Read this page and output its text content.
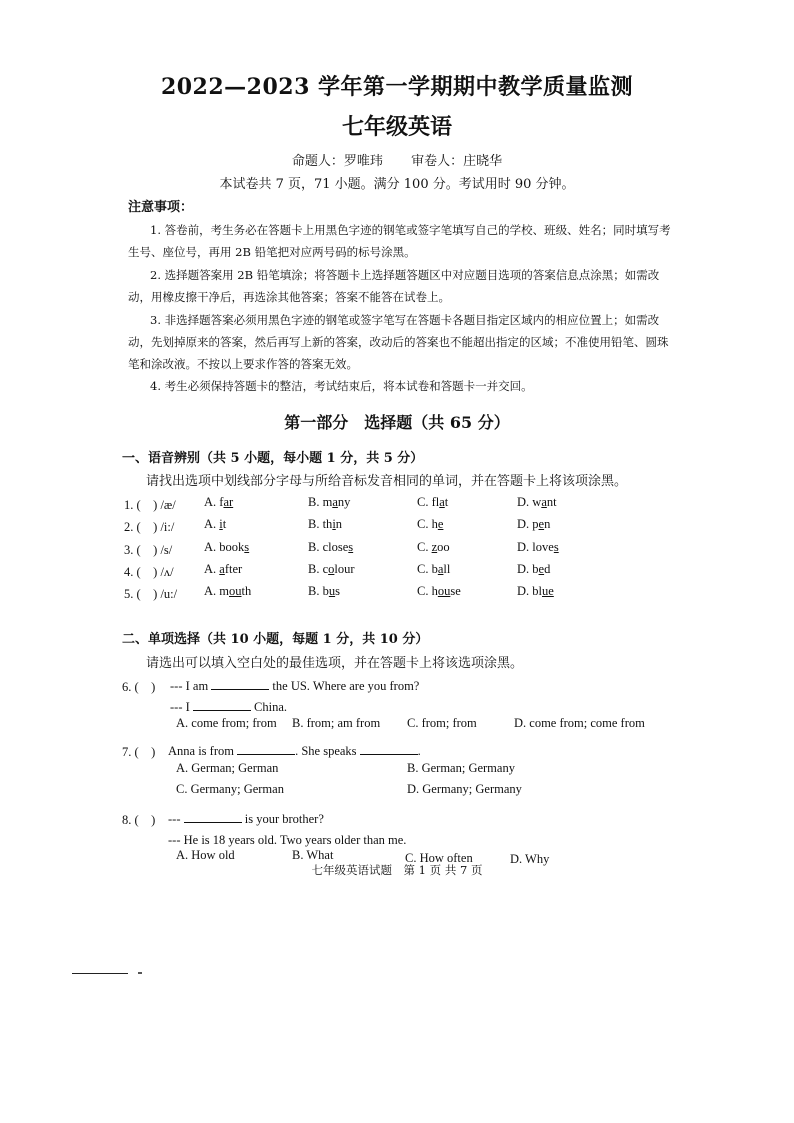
2022—2023 学年第一学期期中教学质量监测
七年级英语
命题人：罗唯玮 审卷人：庄晓华
本试卷共 7 页，71 小题。满分 100 分。考试用时 90 分钟。
注意事项：
1. 答卷前，考生务必在答题卡上用黑色字迹的钢笔或签字笔填写自己的学校、班级、姓名；同时填写考生号、座位号，再用 2B 铅笔把对应两号码的标号涂黑。
2. 选择题答案用 2B 铅笔填涂；将答题卡上选择题答题区中对应题目选项的答案信息点涂黑；如需改动，用橡皮擦干净后，再选涂其他答案；答案不能答在试卷上。
3. 非选择题答案必须用黑色字迹的钢笔或签字笔写在答题卡各题目指定区域内的相应位置上；如需改动，先划掉原来的答案，然后再写上新的答案，改动后的答案也不能超出指定的区域；不准使用铅笔、圆珠笔和涂改液。不按以上要求作答的答案无效。
4. 考生必须保持答题卡的整洁，考试结束后，将本试卷和答题卡一并交回。
第一部分　选择题（共 65 分）
一、语音辨别（共 5 小题，每小题 1 分，共 5 分）
请找出选项中划线部分字母与所给音标发音相同的单词，并在答题卡上将该项涂黑。
1. (　) /æ/ A. far	B. many	C. flat	D. want
2. (　) /i:/ A. it	B. thin	C. he	D. pen
3. (　) /s/	A. books	B. closes	C. zoo	D. loves
4. (　) /ʌ/ A. after	B. colour	C. ball	D. bed
5. (　) /u:/ A. mouth	B. bus	C. house	D. blue
二、单项选择（共 10 小题，每题 1 分，共 10 分）
请选出可以填入空白处的最佳选项，并在答题卡上将该选项涂黑。
6. (　) --- I am	the US. Where are you from?
--- I	China.
A. come from; from B. from; am from C. from; from	D. come from; come from
7. (　) Anna is from	. She speaks	.
A. German; German	B. German; Germany
C. Germany; German	D. Germany; Germany
8. (　) ---	is your brother?
--- He is 18 years old. Two years older than me.
A. How old	B. What	C. How often	D. Why
七年级英语试题　第 1 页 共 7 页
